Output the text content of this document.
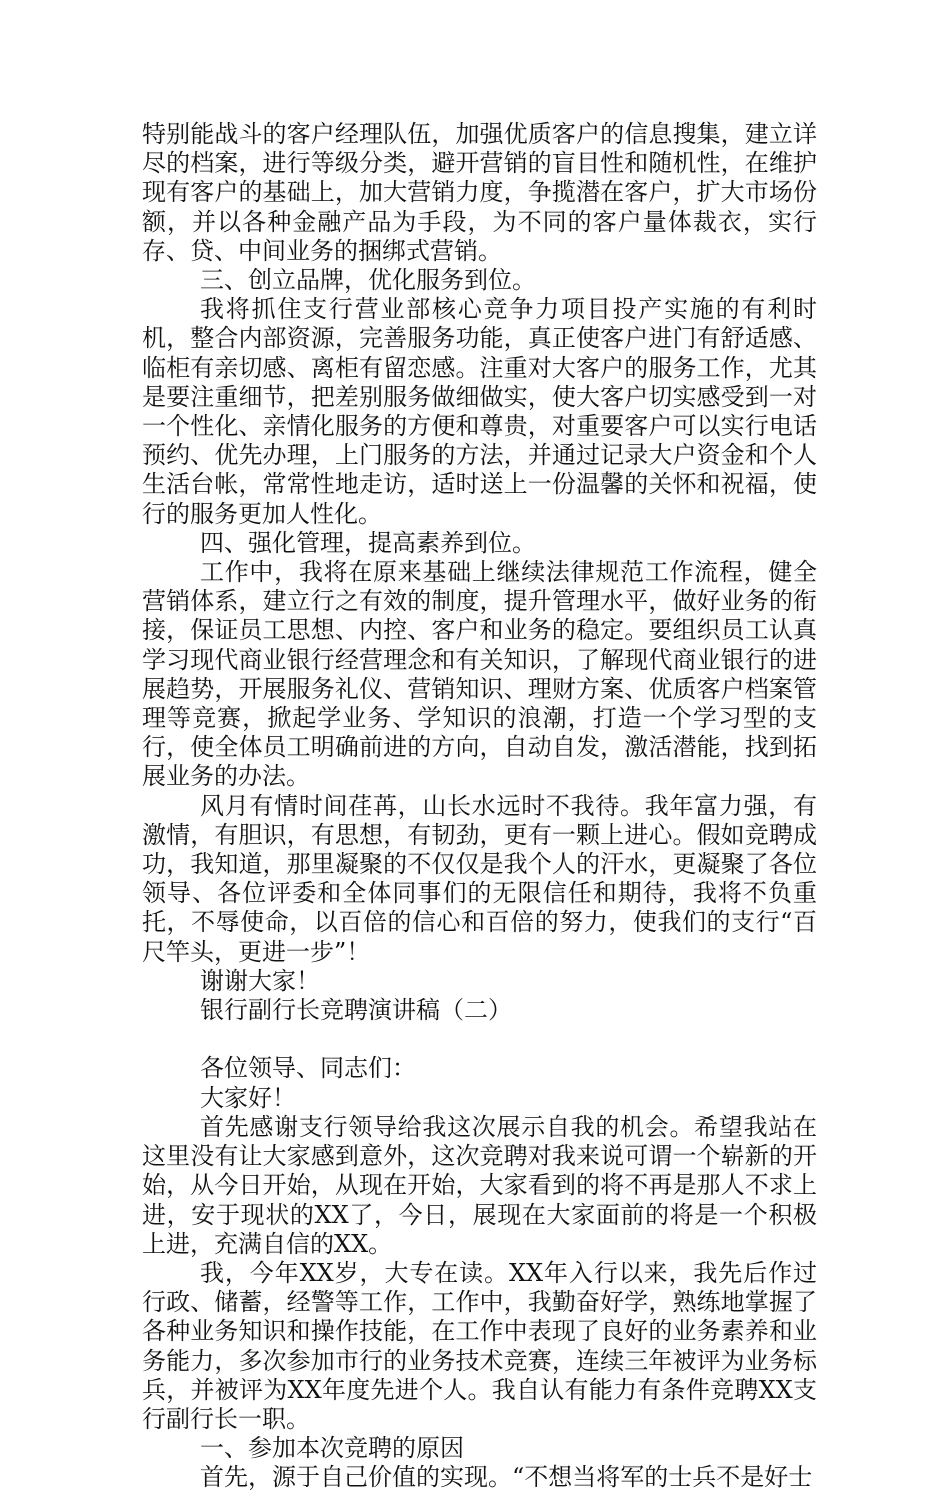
特别能战斗的客户经理队伍，加强优质客户的信息搜集，建立详尽的档案，进行等级分类，避开营销的盲目性和随机性，在维护现有客户的基础上，加大营销力度，争揽潜在客户，扩大市场份额，并以各种金融产品为手段，为不同的客户量体裁衣，实行存、贷、中间业务的捆绑式营销。

三、创立品牌，优化服务到位。

我将抓住支行营业部核心竞争力项目投产实施的有利时机，整合内部资源，完善服务功能，真正使客户进门有舒适感、临柜有亲切感、离柜有留恋感。注重对大客户的服务工作，尤其是要注重细节，把差别服务做细做实，使大客户切实感受到一对一个性化、亲情化服务的方便和尊贵，对重要客户可以实行电话预约、优先办理，上门服务的方法，并通过记录大户资金和个人生活台帐，常常性地走访，适时送上一份温馨的关怀和祝福，使行的服务更加人性化。

四、强化管理，提高素养到位。

工作中，我将在原来基础上继续法律规范工作流程，健全营销体系，建立行之有效的制度，提升管理水平，做好业务的衔接，保证员工思想、内控、客户和业务的稳定。要组织员工认真学习现代商业银行经营理念和有关知识，了解现代商业银行的进展趋势，开展服务礼仪、营销知识、理财方案、优质客户档案管理等竞赛，掀起学业务、学知识的浪潮，打造一个学习型的支行，使全体员工明确前进的方向，自动自发，激活潜能，找到拓展业务的办法。

风月有情时间荏苒，山长水远时不我待。我年富力强，有激情，有胆识，有思想，有韧劲，更有一颗上进心。假如竞聘成功，我知道，那里凝聚的不仅仅是我个人的汗水，更凝聚了各位领导、各位评委和全体同事们的无限信任和期待，我将不负重托，不辱使命，以百倍的信心和百倍的努力，使我们的支行“百尺竿头，更进一步”！

谢谢大家！

银行副行长竞聘演讲稿（二）

各位领导、同志们：

大家好！

首先感谢支行领导给我这次展示自我的机会。希望我站在这里没有让大家感到意外，这次竞聘对我来说可谓一个崭新的开始，从今日开始，从现在开始，大家看到的将不再是那人不求上进，安于现状的XX了，今日，展现在大家面前的将是一个积极上进，充满自信的XX。

我，今年XX岁，大专在读。XX年入行以来，我先后作过行政、储蓄，经警等工作，工作中，我勤奋好学，熟练地掌握了各种业务知识和操作技能，在工作中表现了良好的业务素养和业务能力，多次参加市行的业务技术竞赛，连续三年被评为业务标兵，并被评为XX年度先进个人。我自认有能力有条件竞聘XX支行副行长一职。

一、参加本次竞聘的原因

首先，源于自己价值的实现。“不想当将军的士兵不是好士
